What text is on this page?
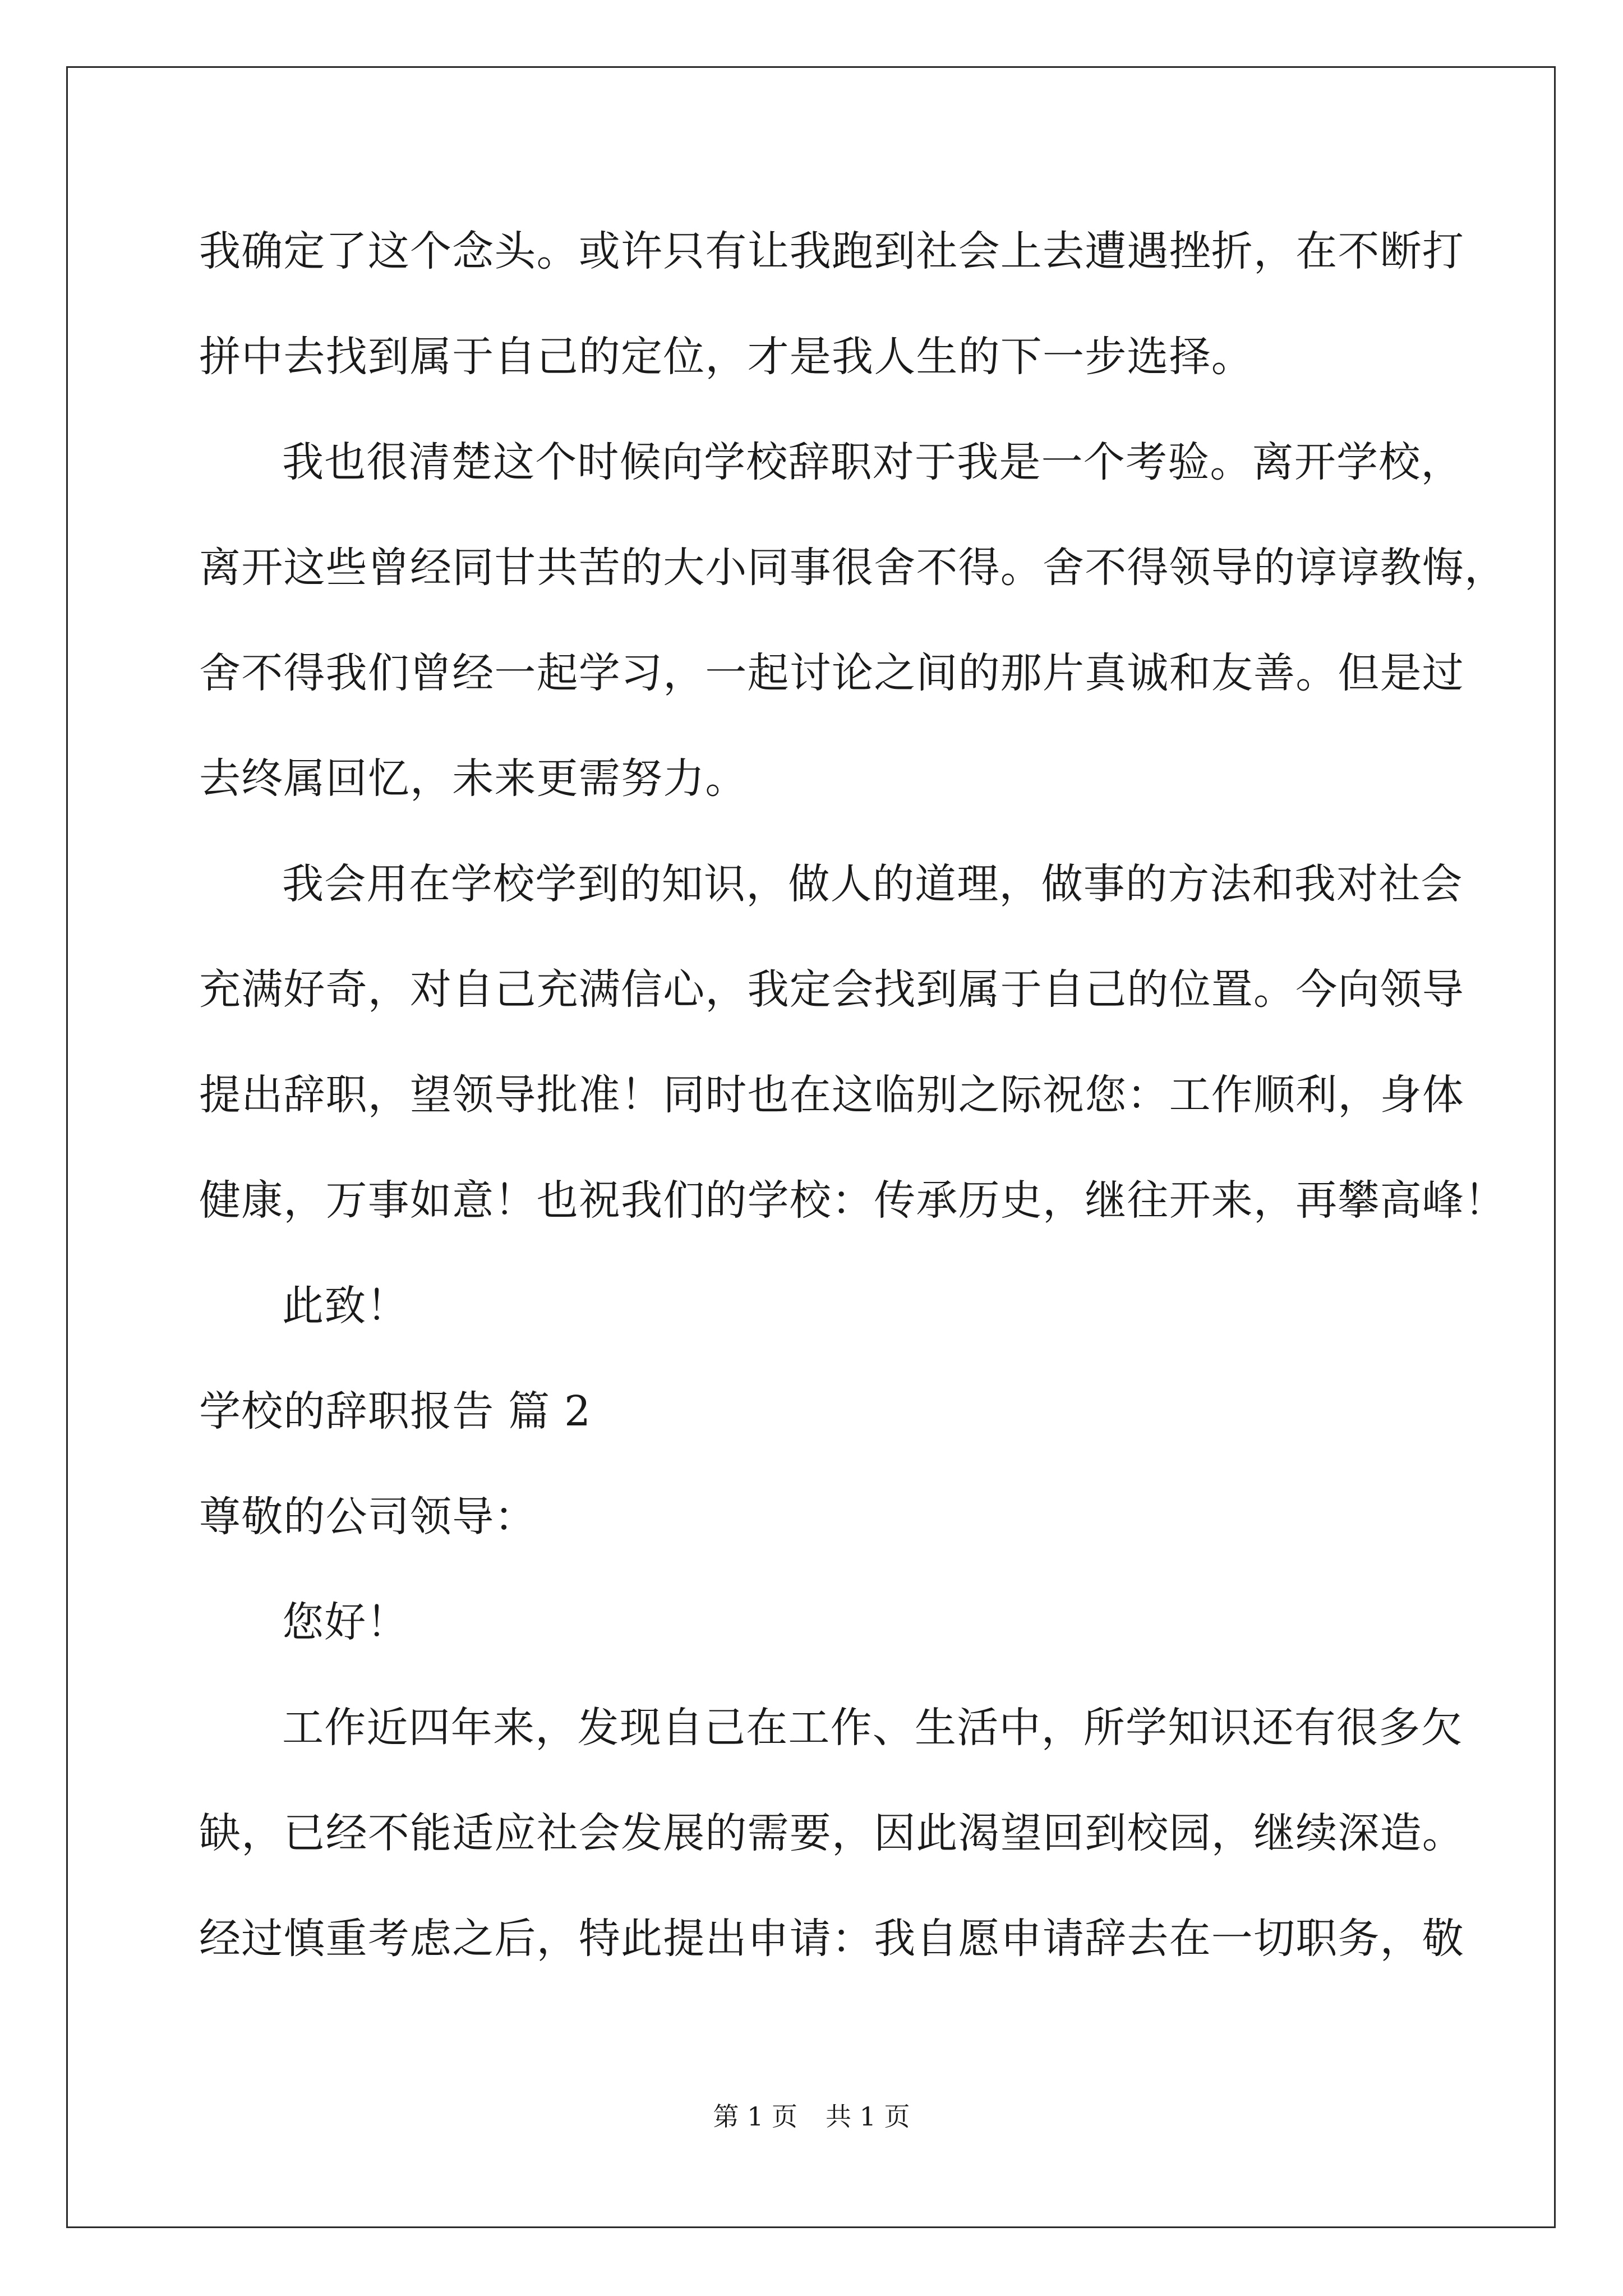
我确定了这个念头。或许只有让我跑到社会上去遭遇挫折，在不断打
拼中去找到属于自己的定位，才是我人生的下一步选择。
我也很清楚这个时候向学校辞职对于我是一个考验。离开学校，
离开这些曾经同甘共苦的大小同事很舍不得。舍不得领导的谆谆教悔，
舍不得我们曾经一起学习，一起讨论之间的那片真诚和友善。但是过
去终属回忆，未来更需努力。
我会用在学校学到的知识，做人的道理，做事的方法和我对社会
充满好奇，对自己充满信心，我定会找到属于自己的位置。今向领导
提出辞职，望领导批准！同时也在这临别之际祝您：工作顺利，身体
健康，万事如意！也祝我们的学校：传承历史，继往开来，再攀高峰！
此致！
学校的辞职报告 篇 2
尊敬的公司领导：
您好！
工作近四年来，发现自己在工作、生活中，所学知识还有很多欠
缺，已经不能适应社会发展的需要，因此渴望回到校园，继续深造。
经过慎重考虑之后，特此提出申请：我自愿申请辞去在一切职务，敬
第 1 页 共 1 页
